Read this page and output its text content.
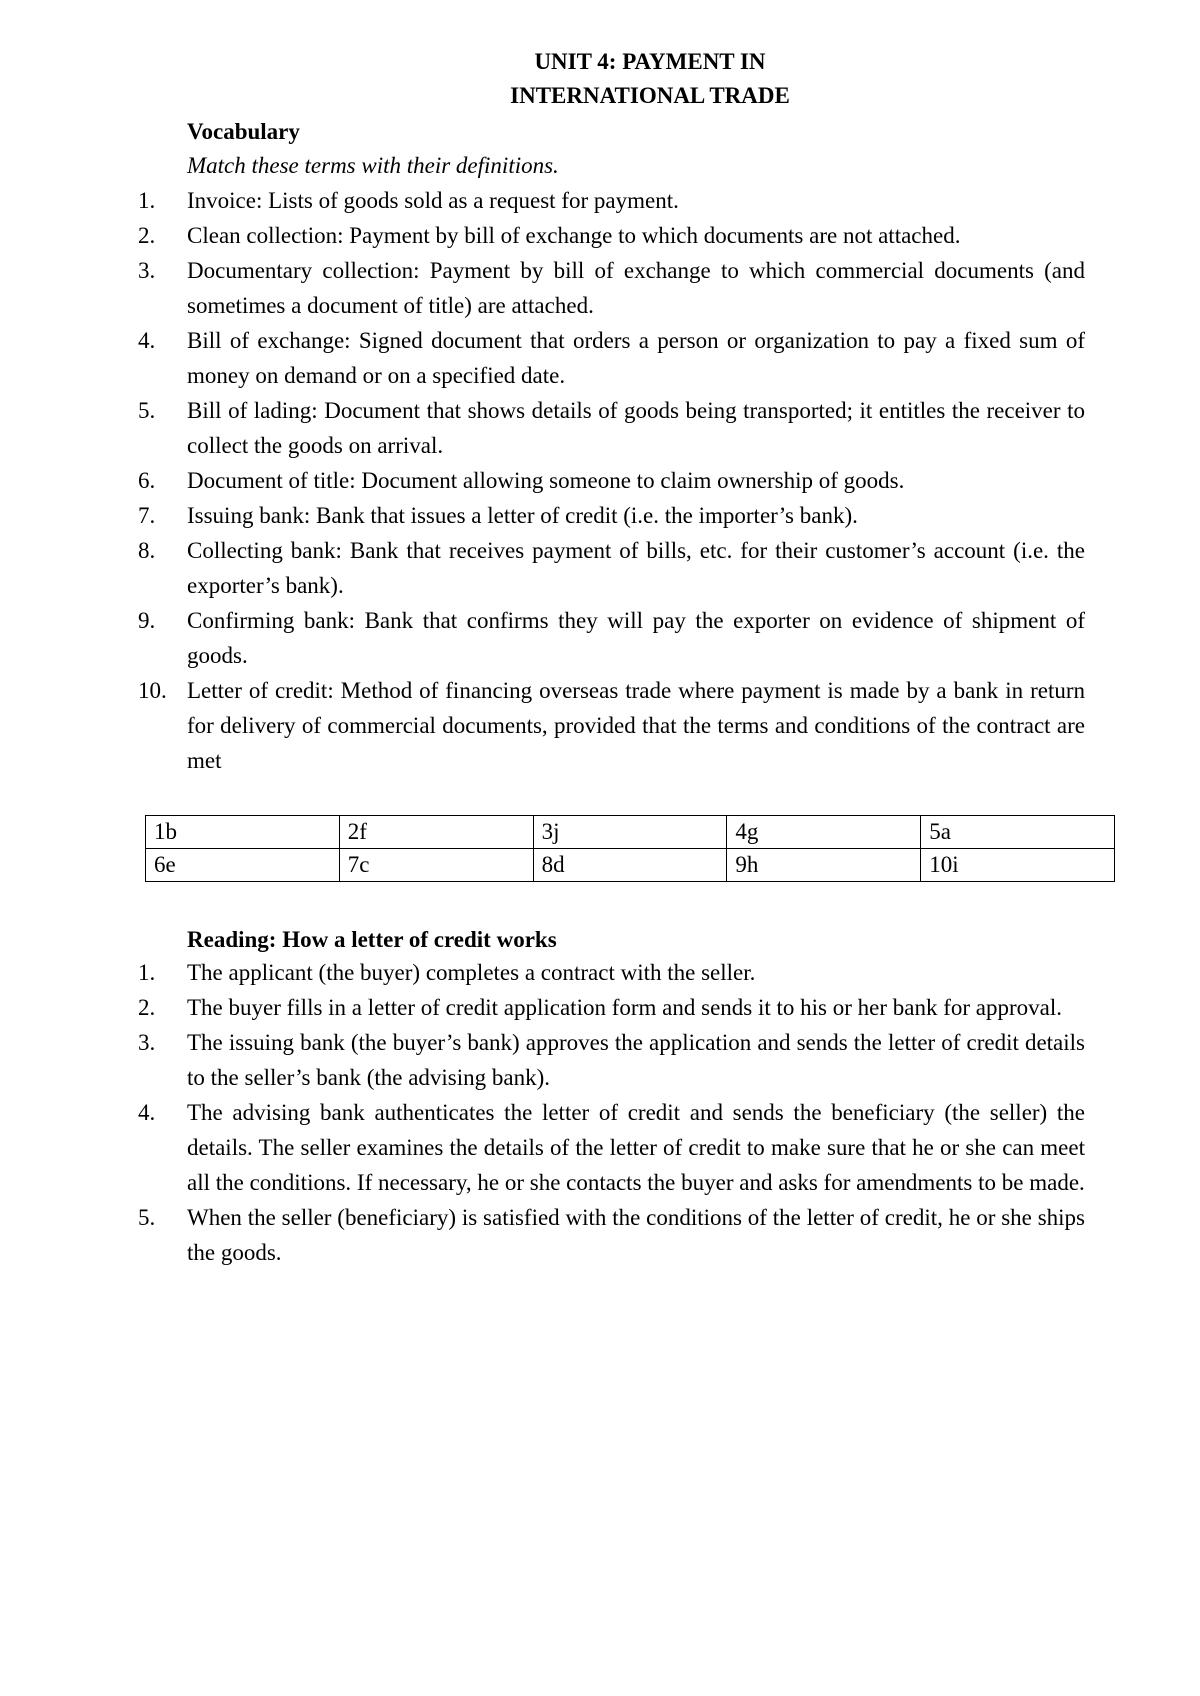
UNIT 4: PAYMENT IN
INTERNATIONAL TRADE
Vocabulary
Match these terms with their definitions.
1.	Invoice: Lists of goods sold as a request for payment.
2.	Clean collection: Payment by bill of exchange to which documents are not attached.
3.	Documentary collection: Payment by bill of exchange to which commercial documents (and sometimes a document of title) are attached.
4.	Bill of exchange: Signed document that orders a person or organization to pay a fixed sum of money on demand or on a specified date.
5.	Bill of lading: Document that shows details of goods being transported; it entitles the receiver to collect the goods on arrival.
6.	Document of title: Document allowing someone to claim ownership of goods.
7.	Issuing bank: Bank that issues a letter of credit (i.e. the importer’s bank).
8.	Collecting bank: Bank that receives payment of bills, etc. for their customer’s account (i.e. the exporter’s bank).
9.	Confirming bank: Bank that confirms they will pay the exporter on evidence of shipment of goods.
10. Letter of credit: Method of financing overseas trade where payment is made by a bank in return for delivery of commercial documents, provided that the terms and conditions of the contract are met
1b	2f	3j	4g	5a
6e	7c	8d	9h	10i
Reading: How a letter of credit works
1.	The applicant (the buyer) completes a contract with the seller.
2.	The buyer fills in a letter of credit application form and sends it to his or her bank for approval.
3.	The issuing bank (the buyer’s bank) approves the application and sends the letter of credit details to the seller’s bank (the advising bank).
4.	The advising bank authenticates the letter of credit and sends the beneficiary (the seller) the details. The seller examines the details of the letter of credit to make sure that he or she can meet all the conditions. If necessary, he or she contacts the buyer and asks for amendments to be made.
5.	When the seller (beneficiary) is satisfied with the conditions of the letter of credit, he or she ships the goods.
